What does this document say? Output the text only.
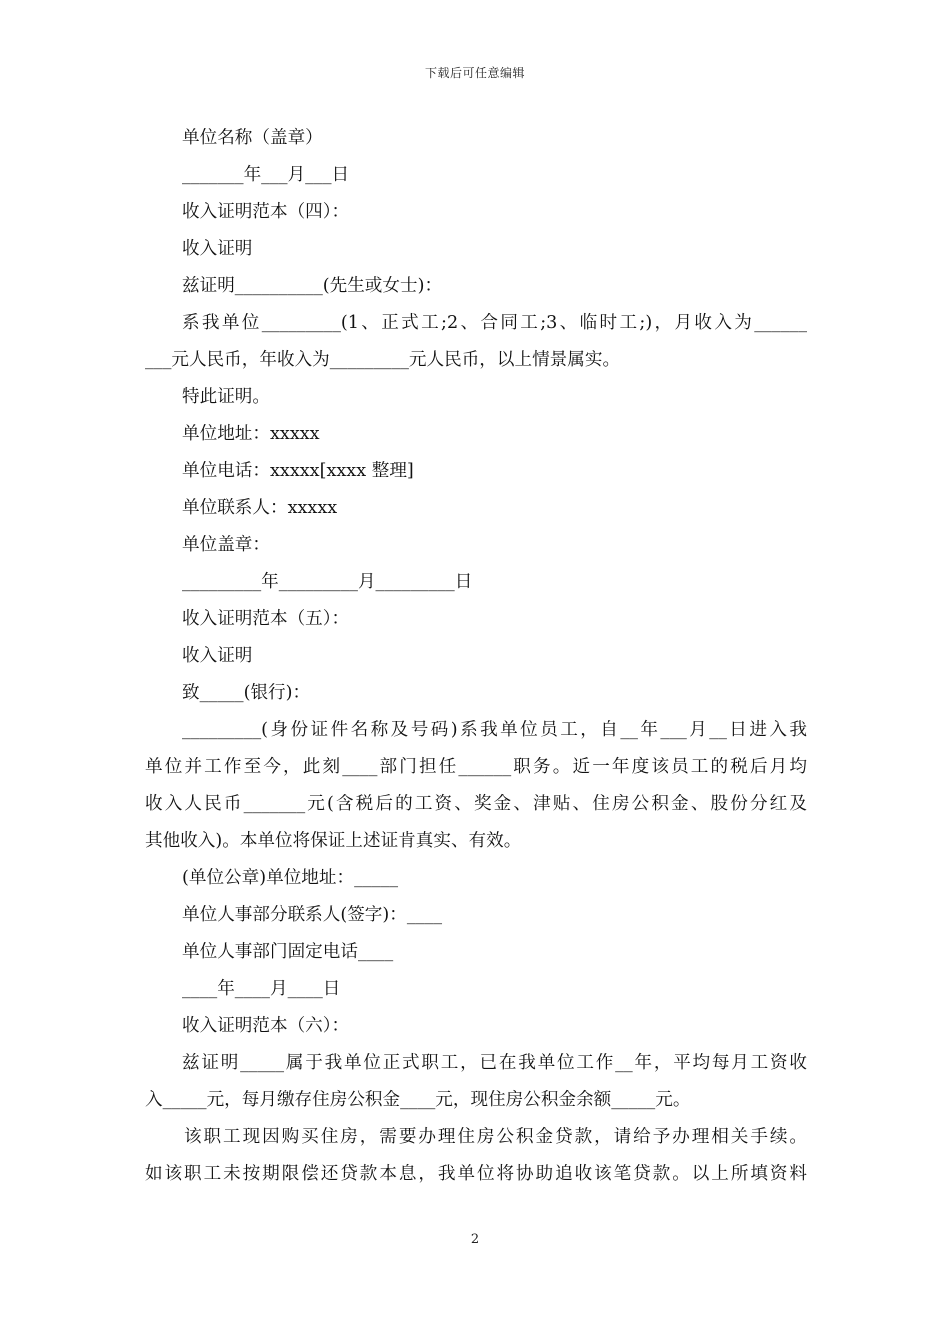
下载后可任意编辑
单位名称（盖章）
_______年___月___日
收入证明范本（四）：
收入证明
兹证明__________(先生或女士)：
系我单位_________(1、正式工;2、合同工;3、临时工;)，月收入为______
___元人民币，年收入为_________元人民币，以上情景属实。
特此证明。
单位地址：xxxxx
单位电话：xxxxx[xxxx 整理]
单位联系人：xxxxx
单位盖章：
_________年_________月_________日
收入证明范本（五）：
收入证明
致_____(银行)：
_________(身份证件名称及号码)系我单位员工，自__年___月__日进入我
单位并工作至今，此刻____部门担任______职务。近一年度该员工的税后月均
收入人民币_______元(含税后的工资、奖金、津贴、住房公积金、股份分红及
其他收入)。本单位将保证上述证肯真实、有效。
(单位公章)单位地址：_____
单位人事部分联系人(签字)：____
单位人事部门固定电话____
____年____月____日
收入证明范本（六）：
兹证明_____属于我单位正式职工，已在我单位工作__年，平均每月工资收
入_____元，每月缴存住房公积金____元，现住房公积金余额_____元。
该职工现因购买住房，需要办理住房公积金贷款，请给予办理相关手续。
如该职工未按期限偿还贷款本息，我单位将协助追收该笔贷款。以上所填资料
2
